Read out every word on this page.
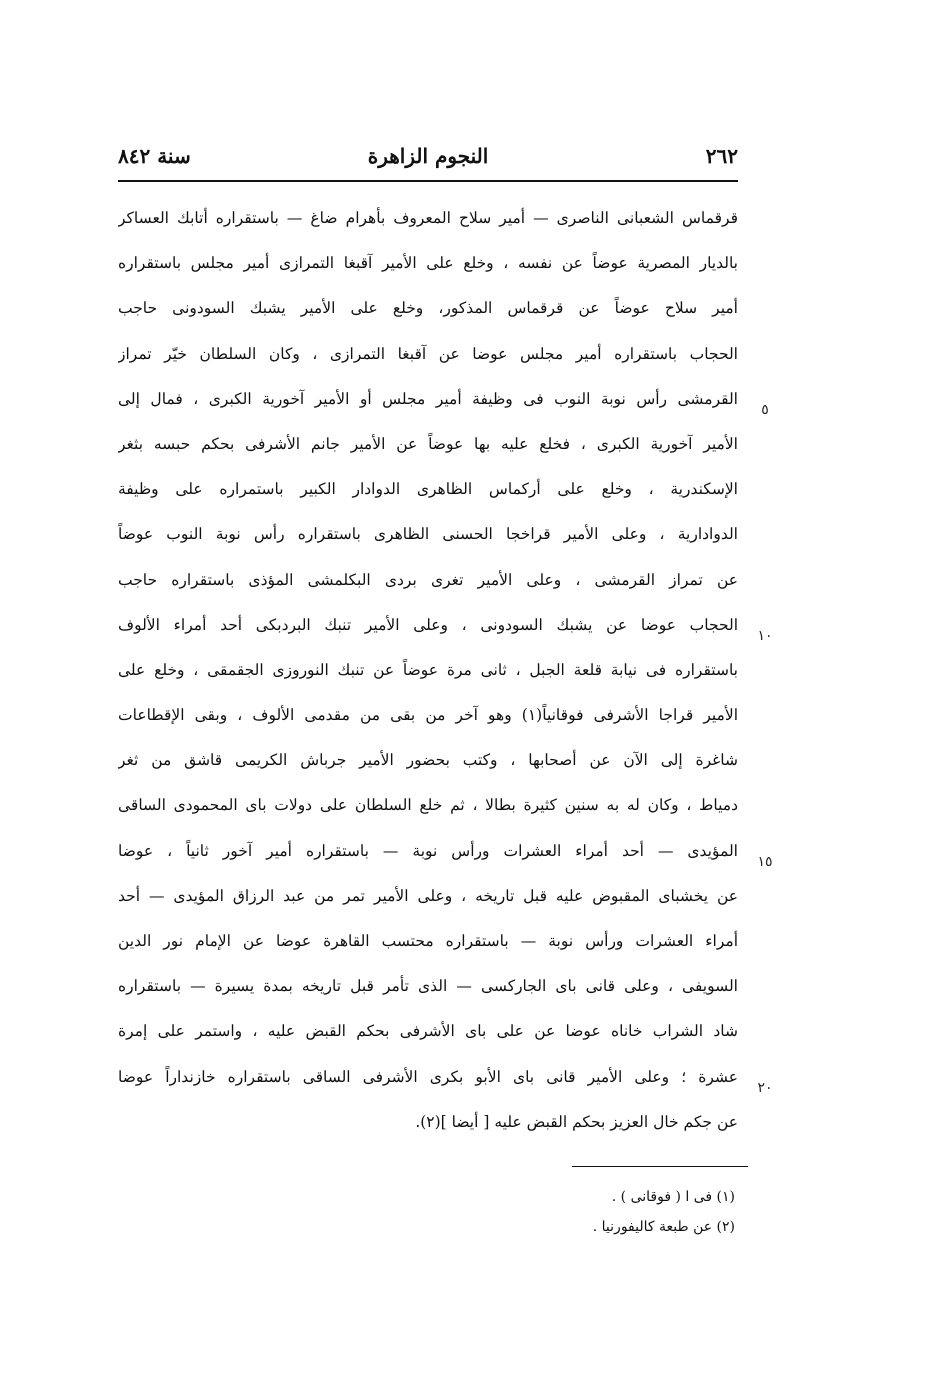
٢٦٢
النجوم الزاهرة
سنة ٨٤٢
قرقماس الشعبانى الناصرى — أمير سلاح المعروف بأهرام ضاغ — باستقراره أتابك العساكر
بالديار المصرية عوضاً عن نفسه ، وخلع على الأمير آقبغا التمرازى أمير مجلس باستقراره
أمير سلاح عوضاً عن قرقماس المذكور، وخلع على الأمير يشبك السودونى حاجب
الحجاب باستقراره أمير مجلس عوضا عن آقبغا التمرازى ، وكان السلطان خيّر تمراز
القرمشى رأس نوبة النوب فى وظيفة أمير مجلس أو الأمير آخورية الكبرى ، فمال إلى
الأمير آخورية الكبرى ، فخلع عليه بها عوضاً عن الأمير جانم الأشرفى بحكم حبسه بثغر
الإسكندرية ، وخلع على أركماس الظاهرى الدوادار الكبير باستمراره على وظيفة
الدوادارية ، وعلى الأمير قراخجا الحسنى الظاهرى باستقراره رأس نوبة النوب عوضاً
عن تمراز القرمشى ، وعلى الأمير تغرى بردى البكلمشى المؤذى باستقراره حاجب
الحجاب عوضا عن يشبك السودونى ، وعلى الأمير تنبك البردبكى أحد أمراء الألوف
باستقراره فى نيابة قلعة الجبل ، ثانى مرة عوضاً عن تنبك النوروزى الجقمقى ، وخلع على
الأمير قراجا الأشرفى فوقانياً(١) وهو آخر من بقى من مقدمى الألوف ، وبقى الإقطاعات
شاغرة إلى الآن عن أصحابها ، وكتب بحضور الأمير جرباش الكريمى قاشق من ثغر
دمياط ، وكان له به سنين كثيرة بطالا ، ثم خلع السلطان على دولات باى المحمودى الساقى
المؤيدى — أحد أمراء العشرات ورأس نوبة — باستقراره أمير آخور ثانياً ، عوضا
عن يخشباى المقبوض عليه قبل تاريخه ، وعلى الأمير تمر من عبد الرزاق المؤيدى — أحد
أمراء العشرات ورأس نوبة — باستقراره محتسب القاهرة عوضا عن الإمام نور الدين
السويفى ، وعلى قانى باى الجاركسى — الذى تأمر قبل تاريخه بمدة يسيرة — باستقراره
شاد الشراب خاناه عوضا عن على باى الأشرفى بحكم القبض عليه ، واستمر على إمرة
عشرة ؛ وعلى الأمير قانى باى الأبو بكرى الأشرفى الساقى باستقراره خازنداراً عوضا
عن جكم خال العزيز بحكم القبض عليه [ أيضا ](٢).
٥
١٠
١٥
٢٠
(١) فى ا ( فوقانى ) .
(٢) عن طبعة كاليفورنيا .
